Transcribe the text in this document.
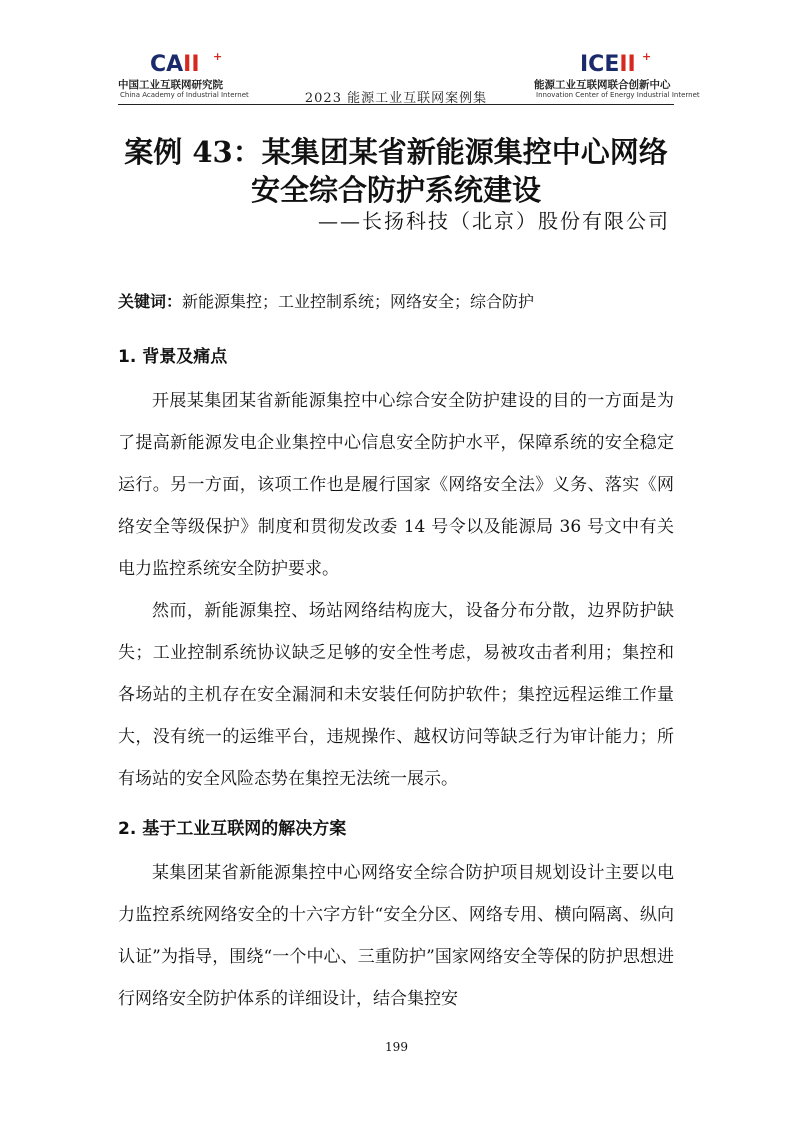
CAII +
中国工业互联网研究院
China Academy of Industrial Internet	2023 能源工业互联网案例集
ICEII +
能源工业互联网联合创新中心
Innovation Center of Energy Industrial Internet
案例 43：某集团某省新能源集控中心网络安全综合防护系统建设
——长扬科技（北京）股份有限公司
关键词：新能源集控；工业控制系统；网络安全；综合防护
1. 背景及痛点
开展某集团某省新能源集控中心综合安全防护建设的目的一方面是为了提高新能源发电企业集控中心信息安全防护水平，保障系统的安全稳定运行。另一方面，该项工作也是履行国家《网络安全法》义务、落实《网络安全等级保护》制度和贯彻发改委 14 号令以及能源局 36 号文中有关电力监控系统安全防护要求。
然而，新能源集控、场站网络结构庞大，设备分布分散，边界防护缺失；工业控制系统协议缺乏足够的安全性考虑，易被攻击者利用；集控和各场站的主机存在安全漏洞和未安装任何防护软件；集控远程运维工作量大，没有统一的运维平台，违规操作、越权访问等缺乏行为审计能力；所有场站的安全风险态势在集控无法统一展示。
2. 基于工业互联网的解决方案
某集团某省新能源集控中心网络安全综合防护项目规划设计主要以电力监控系统网络安全的十六字方针“安全分区、网络专用、横向隔离、纵向认证”为指导，围绕“一个中心、三重防护”国家网络安全等保的防护思想进行网络安全防护体系的详细设计，结合集控安
199
